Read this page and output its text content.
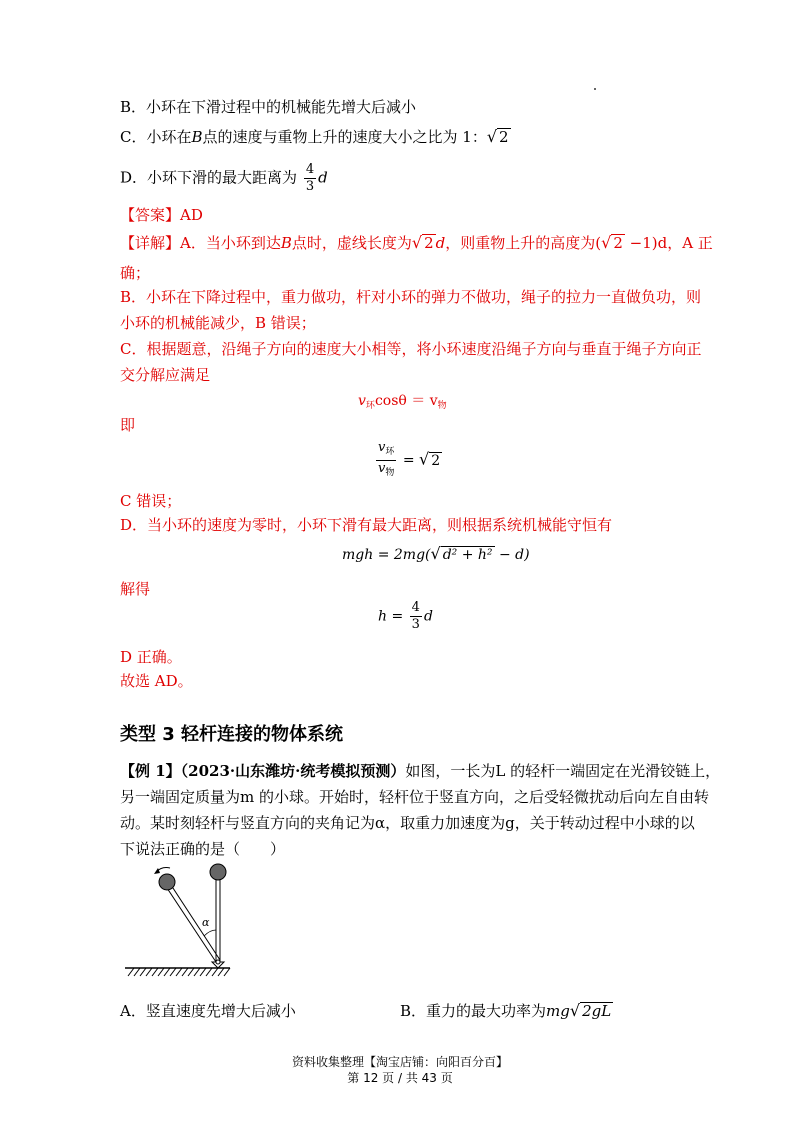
B．小环在下滑过程中的机械能先增大后减小
C．小环在B点的速度与重物上升的速度大小之比为 1：√ 2
D．小环下滑的最大距离为 $\frac{4}{3}$ d
【答案】AD
【详解】A．当小环到达B点时，虚线长度为√ 2 d，则重物上升的高度为(√ 2 −1)d，A 正
确；
B．小环在下降过程中，重力做功，杆对小环的弹力不做功，绳子的拉力一直做负功，则
小环的机械能减少，B 错误；
C．根据题意，沿绳子方向的速度大小相等，将小环速度沿绳子方向与垂直于绳子方向正
交分解应满足
$v_环\cos\theta = v_物$
即
$\frac{v_环}{v_物}$ = √ 2
C 错误；
D．当小环的速度为零时，小环下滑有最大距离，则根据系统机械能守恒有
mgh = 2mg(√ d² + h² − d)
解得
$h = \frac{4}{3}$ d
D 正确。
故选 AD。
类型 3 轻杆连接的物体系统
【例 1】（2023·山东潍坊·统考模拟预测）如图，一长为L 的轻杆一端固定在光滑铰链上，
另一端固定质量为m 的小球。开始时，轻杆位于竖直方向，之后受轻微扰动后向左自由转
动。某时刻轻杆与竖直方向的夹角记为α，取重力加速度为g，关于转动过程中小球的以
下说法正确的是（　　）
α
A．竖直速度先增大后减小	B．重力的最大功率为mg√ 2gL
资料收集整理【淘宝店铺：向阳百分百】
第 12 页 / 共 43 页
